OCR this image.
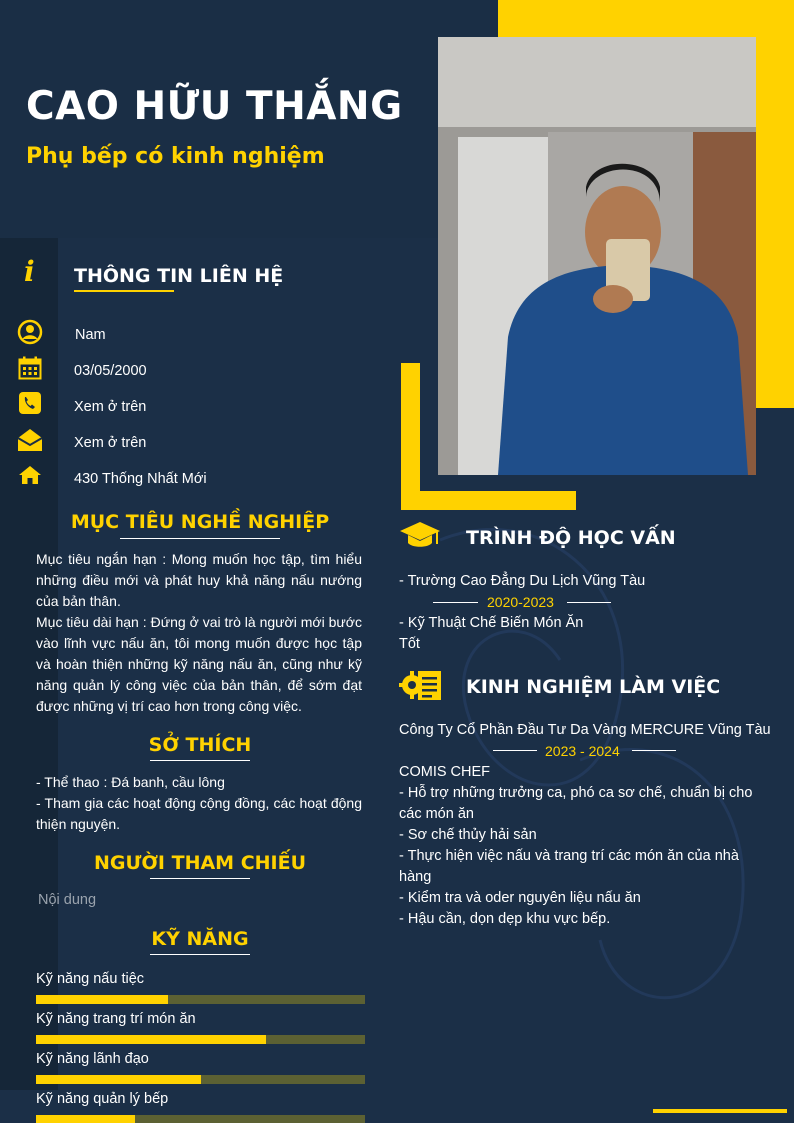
CAO HỮU THẮNG
Phụ bếp có kinh nghiệm
i THÔNG TIN LIÊN HỆ
Nam
03/05/2000
Xem ở trên
Xem ở trên
430 Thống Nhất Mới
MỤC TIÊU NGHỀ NGHIỆP
Mục tiêu ngắn hạn : Mong muốn học tập, tìm hiểu những điều mới và phát huy khả năng nấu nướng của bản thân.
Mục tiêu dài hạn : Đứng ở vai trò là người mới bước vào lĩnh vực nấu ăn, tôi mong muốn được học tập và hoàn thiện những kỹ năng nấu ăn, cũng như kỹ năng quản lý công việc của bản thân, để sớm đạt được những vị trí cao hơn trong công việc.
SỞ THÍCH
- Thể thao : Đá banh, cầu lông
- Tham gia các hoạt động cộng đồng, các hoạt động thiện nguyện.
NGƯỜI THAM CHIẾU
Nội dung
KỸ NĂNG
Kỹ năng nấu tiệc
Kỹ năng trang trí món ăn
Kỹ năng lãnh đạo
Kỹ năng quản lý bếp
TRÌNH ĐỘ HỌC VẤN
- Trường Cao Đẳng Du Lịch Vũng Tàu
2020-2023
- Kỹ Thuật Chế Biến Món Ăn
Tốt
KINH NGHIỆM LÀM VIỆC
Công Ty Cổ Phần Đầu Tư Da Vàng MERCURE Vũng Tàu
2023 - 2024
COMIS CHEF
- Hỗ trợ những trưởng ca, phó ca sơ chế, chuẩn bị cho các món ăn
- Sơ chế thủy hải sản
- Thực hiện việc nấu và trang trí các món ăn của nhà hàng
- Kiểm tra và oder nguyên liệu nấu ăn
- Hậu cần, dọn dẹp khu vực bếp.
